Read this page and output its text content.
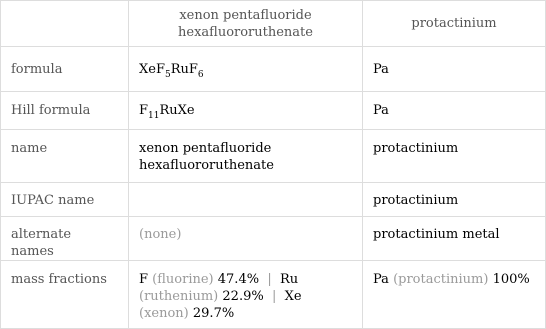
	xenon pentafluoride hexafluororuthenate	protactinium
formula	XeF$_5$RuF$_6$	Pa
Hill formula	$F_{11}RuXe$	Pa
name	xenon pentafluoride hexafluororuthenate	protactinium
IUPAC name		protactinium
alternate names	(none)	protactinium metal
mass fractions	F (fluorine) 47.4% | Ru (ruthenium) 22.9% | Xe (xenon) 29.7%	Pa (protactinium) 100%
